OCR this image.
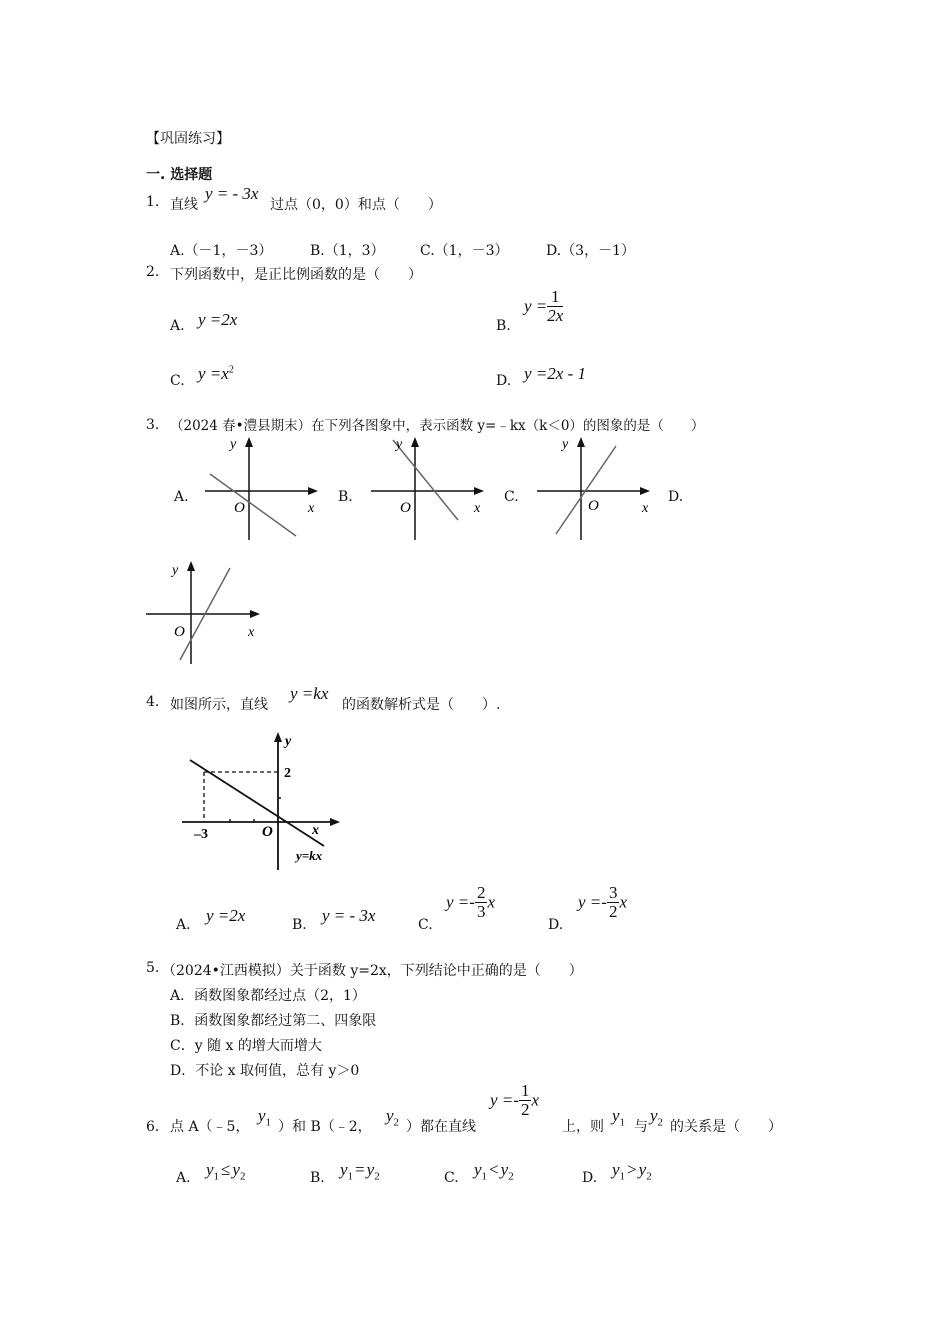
【巩固练习】
一. 选择题
1. 直线
y = - 3x
过点（0，0）和点（　　）
A.（－1，－3）	B.（1，3）	C.（1，－3）	D.（3，－1）
2. 下列函数中，是正比例函数的是（　　）
A. y =2x	B.
$y = \frac{1}{2x}$
C. $y =x^2$
D. y =2x - 1
3． （2024 春•澧县期末）在下列各图象中，表示函数 y=﹣kx（k＜0）的图象的是（　　）
A.
y
O	x
B.
y
O	x
C.
y
O	x
D.
y
O	x
4. 如图所示，直线
y =kx
的函数解析式是（　　）.
y
2
–3	O	x
y=kx
A. y =2x	B. y = - 3x	C.
$y =- \frac{2}{3}$ x
D.
$y =- \frac{3}{2}$ x
5. （2024•江西模拟）关于函数 y=2x，下列结论中正确的是（　　）
A．函数图象都经过点（2，1）
B．函数图象都经过第二、四象限
C．y 随 x 的增大而增大
D．不论 x 取何值，总有 y＞0
6． 点 A（﹣5，
$y_1$ ）和 B（﹣2，
$y_2$ ）都在直线
$y =- \frac{1}{2}$ x
上，则
$y_1$ 与
$y_2$ 的关系是（　　）
A. $y_1 \le y_2$	B. $y_1 = y_2$	C. $y_1 < y_2$	D. $y_1 > y_2$
